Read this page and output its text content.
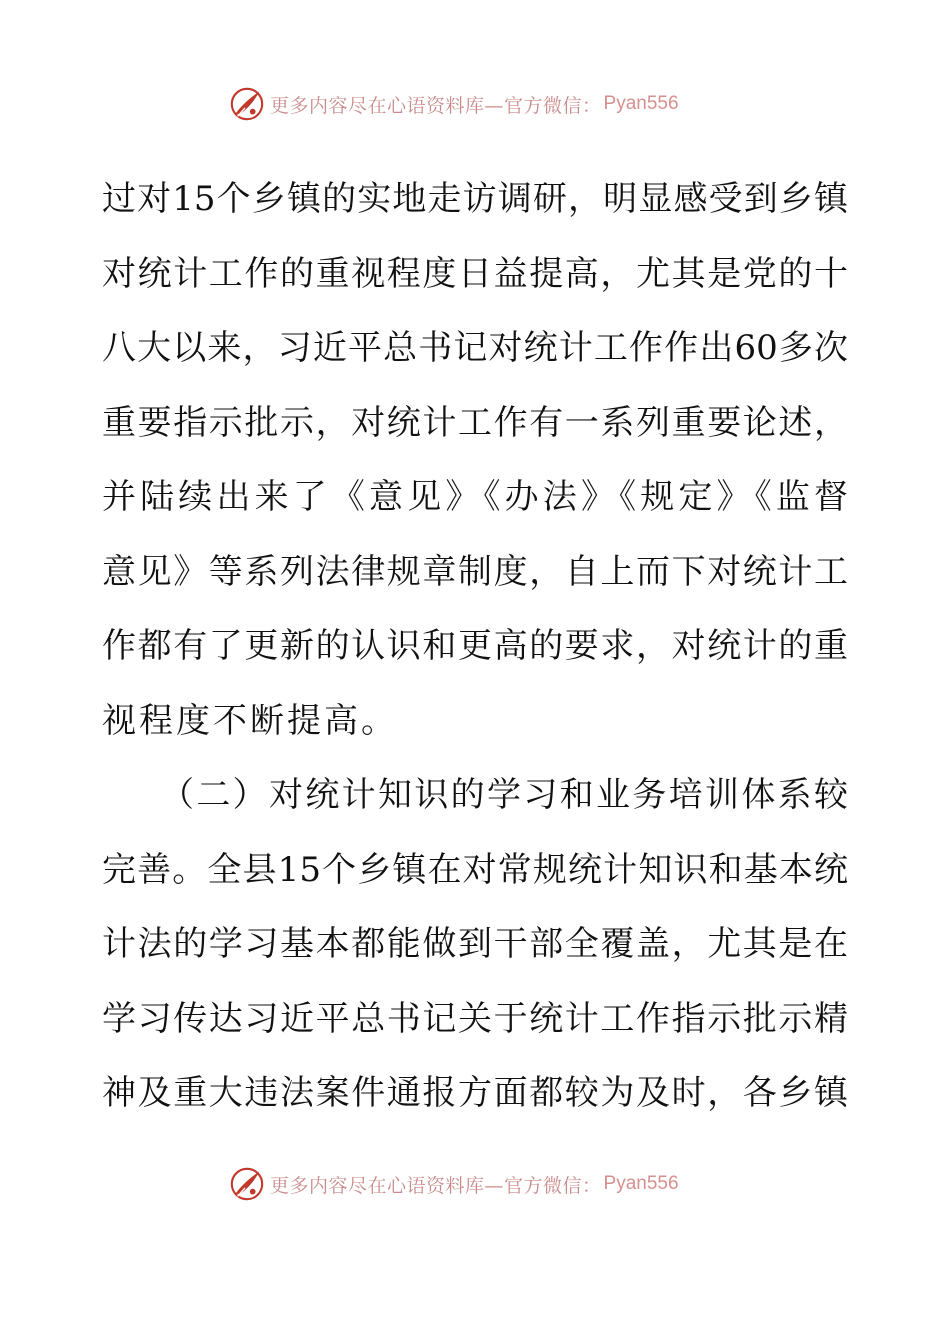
更多内容尽在心语资料库—官方微信： Pyan556
过对15个乡镇的实地走访调研，明显感受到乡镇
对统计工作的重视程度日益提高，尤其是党的十
八大以来，习近平总书记对统计工作作出60多次
重要指示批示，对统计工作有一系列重要论述，
并陆续出来了《意见》《办法》《规定》《监督
意见》等系列法律规章制度，自上而下对统计工
作都有了更新的认识和更高的要求，对统计的重
视程度不断提高。
（二）对统计知识的学习和业务培训体系较
完善。全县15个乡镇在对常规统计知识和基本统
计法的学习基本都能做到干部全覆盖，尤其是在
学习传达习近平总书记关于统计工作指示批示精
神及重大违法案件通报方面都较为及时，各乡镇
更多内容尽在心语资料库—官方微信： Pyan556
